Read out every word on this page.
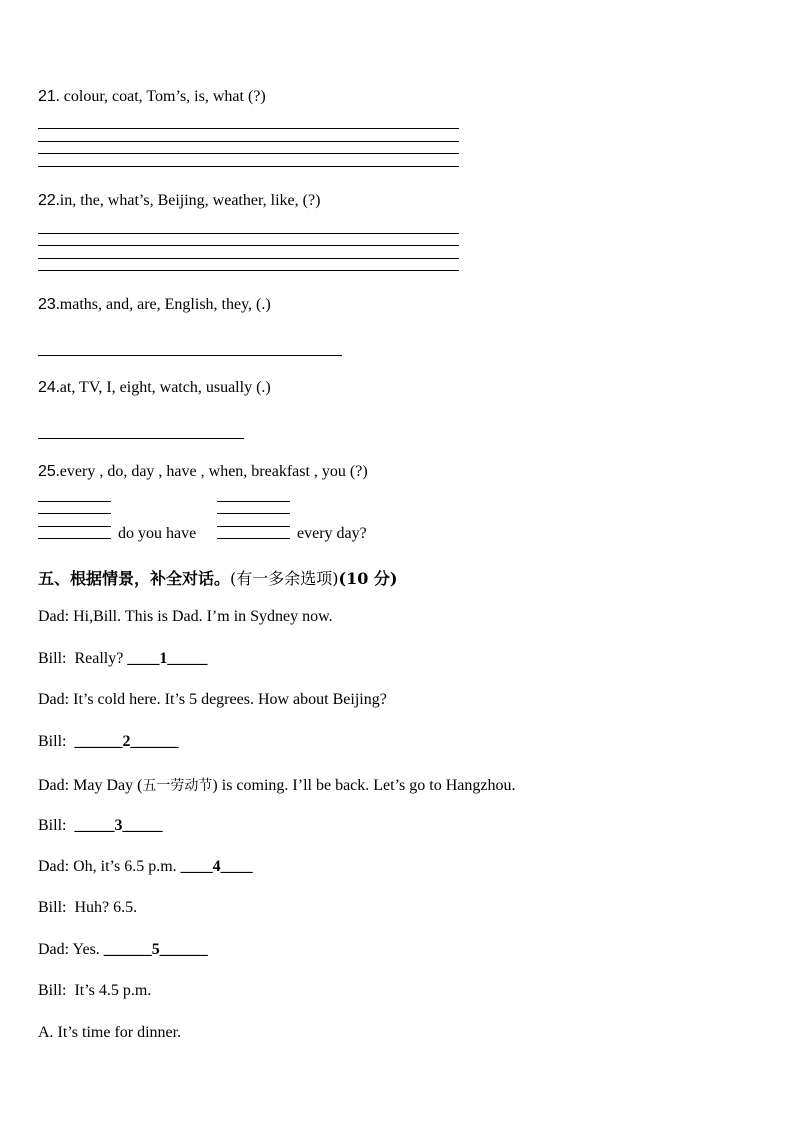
21. colour, coat, Tom’s, is, what (?)
22.in, the, what’s, Beijing, weather, like, (?)
23.maths, and, are, English, they, (.)
24.at, TV, I, eight, watch, usually (.)
25.every , do, day , have , when, breakfast , you (?)
do you have	every day?
五、根据情景，补全对话。(有一多余选项)(10 分)
Dad: Hi,Bill. This is Dad. I’m in Sydney now.
Bill: Really? ____1_____
Dad: It’s cold here. It’s 5 degrees. How about Beijing?
Bill: ______2______
Dad: May Day (五一劳动节) is coming. I’ll be back. Let’s go to Hangzhou.
Bill: _____3_____
Dad: Oh, it’s 6.5 p.m. ____4____
Bill: Huh? 6.5.
Dad: Yes. ______5______
Bill: It’s 4.5 p.m.
A. It’s time for dinner.
